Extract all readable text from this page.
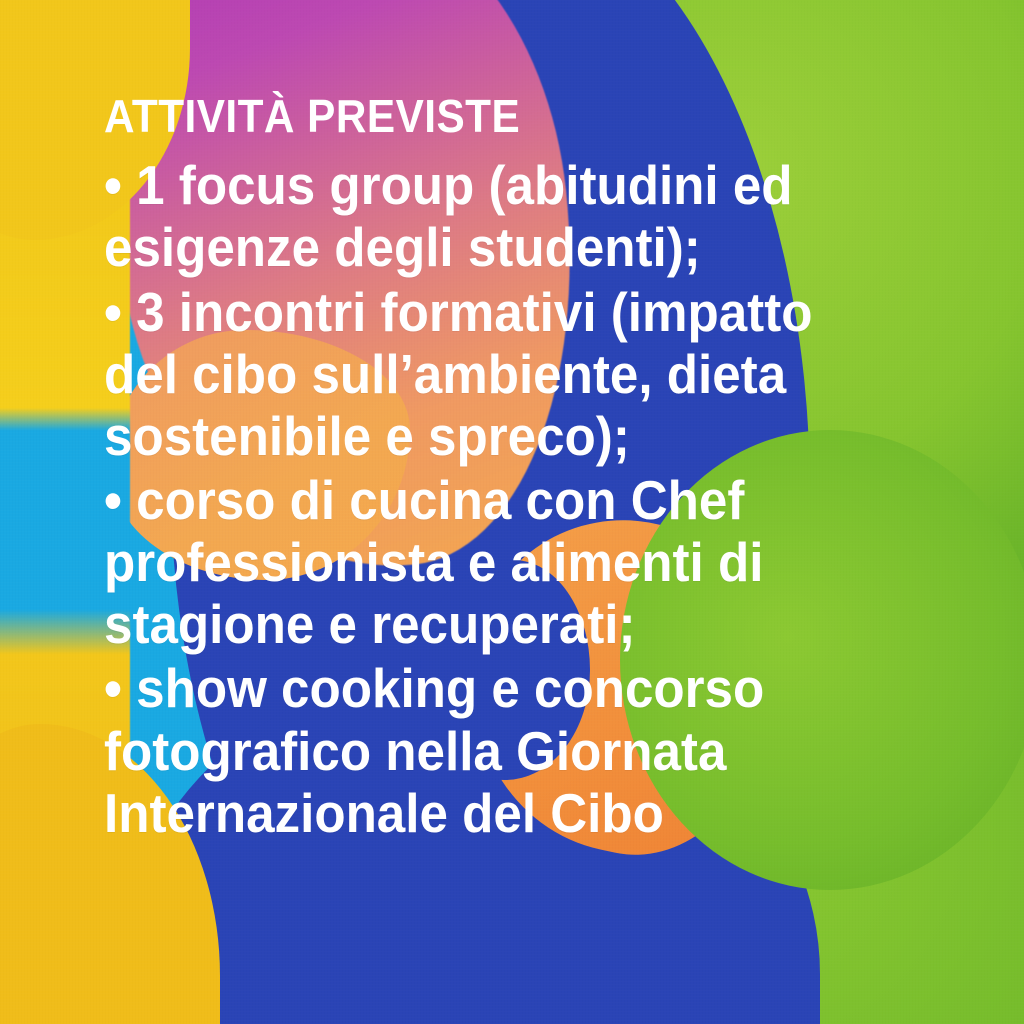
ATTIVITÀ PREVISTE
• 1 focus group (abitudini ed esigenze degli studenti);
• 3 incontri formativi (impatto del cibo sull’ambiente, dieta sostenibile e spreco);
• corso di cucina con Chef professionista e alimenti di stagione e recuperati;
• show cooking e concorso fotografico nella Giornata Internazionale del Cibo
